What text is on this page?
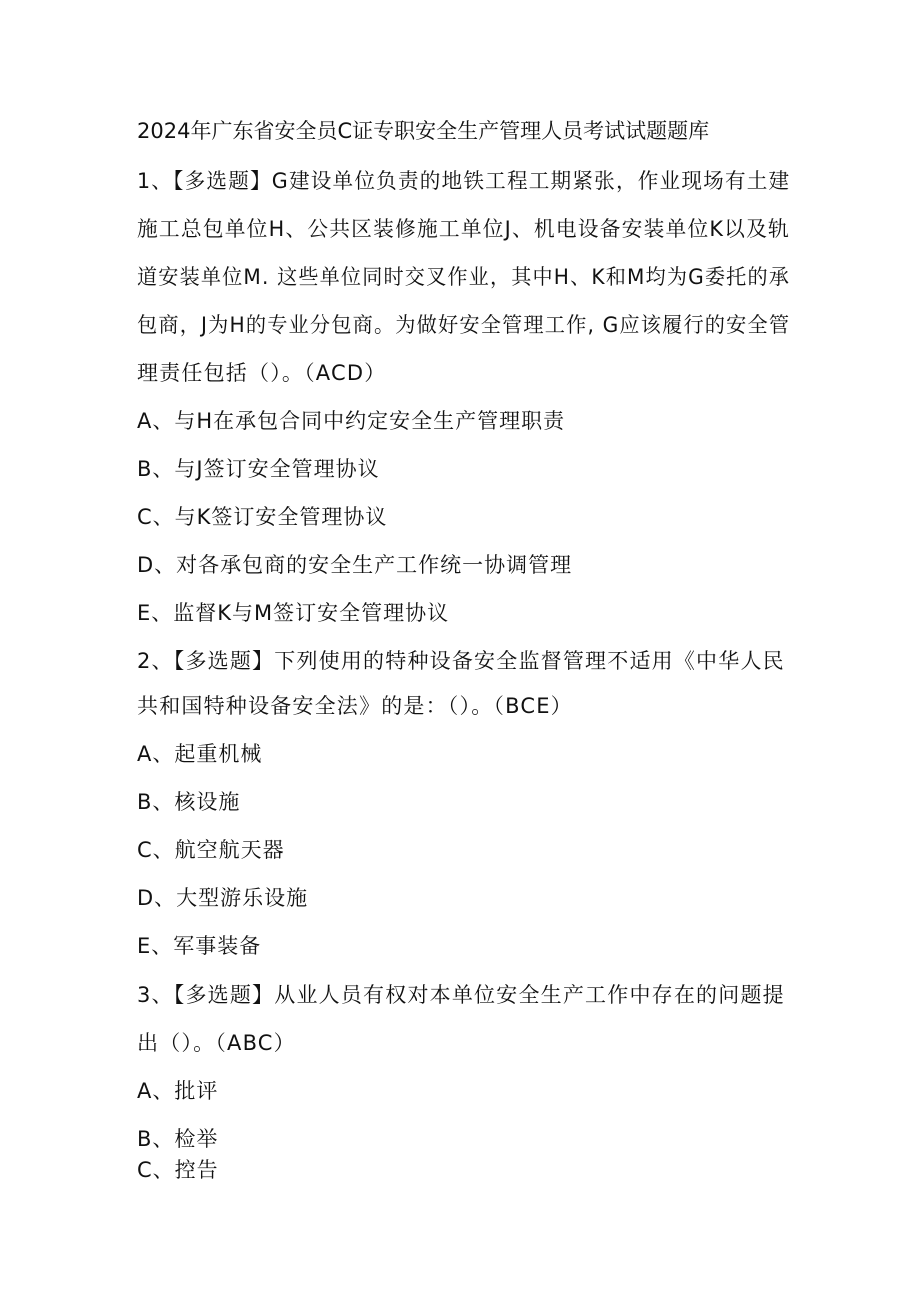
2024年广东省安全员C证专职安全生产管理人员考试试题题库
1、【多选题】G建设单位负责的地铁工程工期紧张，作业现场有土建
施工总包单位H、公共区装修施工单位J、机电设备安装单位K以及轨
道安装单位M. 这些单位同时交叉作业，其中H、K和M均为G委托的承
包商，J为H的专业分包商。为做好安全管理工作, G应该履行的安全管
理责任包括（）。（ACD）
A、与H在承包合同中约定安全生产管理职责
B、与J签订安全管理协议
C、与K签订安全管理协议
D、对各承包商的安全生产工作统一协调管理
E、监督K与M签订安全管理协议
2、【多选题】下列使用的特种设备安全监督管理不适用《中华人民
共和国特种设备安全法》的是：（）。（BCE）
A、起重机械
B、核设施
C、航空航天器
D、大型游乐设施
E、军事装备
3、【多选题】从业人员有权对本单位安全生产工作中存在的问题提
出（）。（ABC）
A、批评
B、检举
C、控告
